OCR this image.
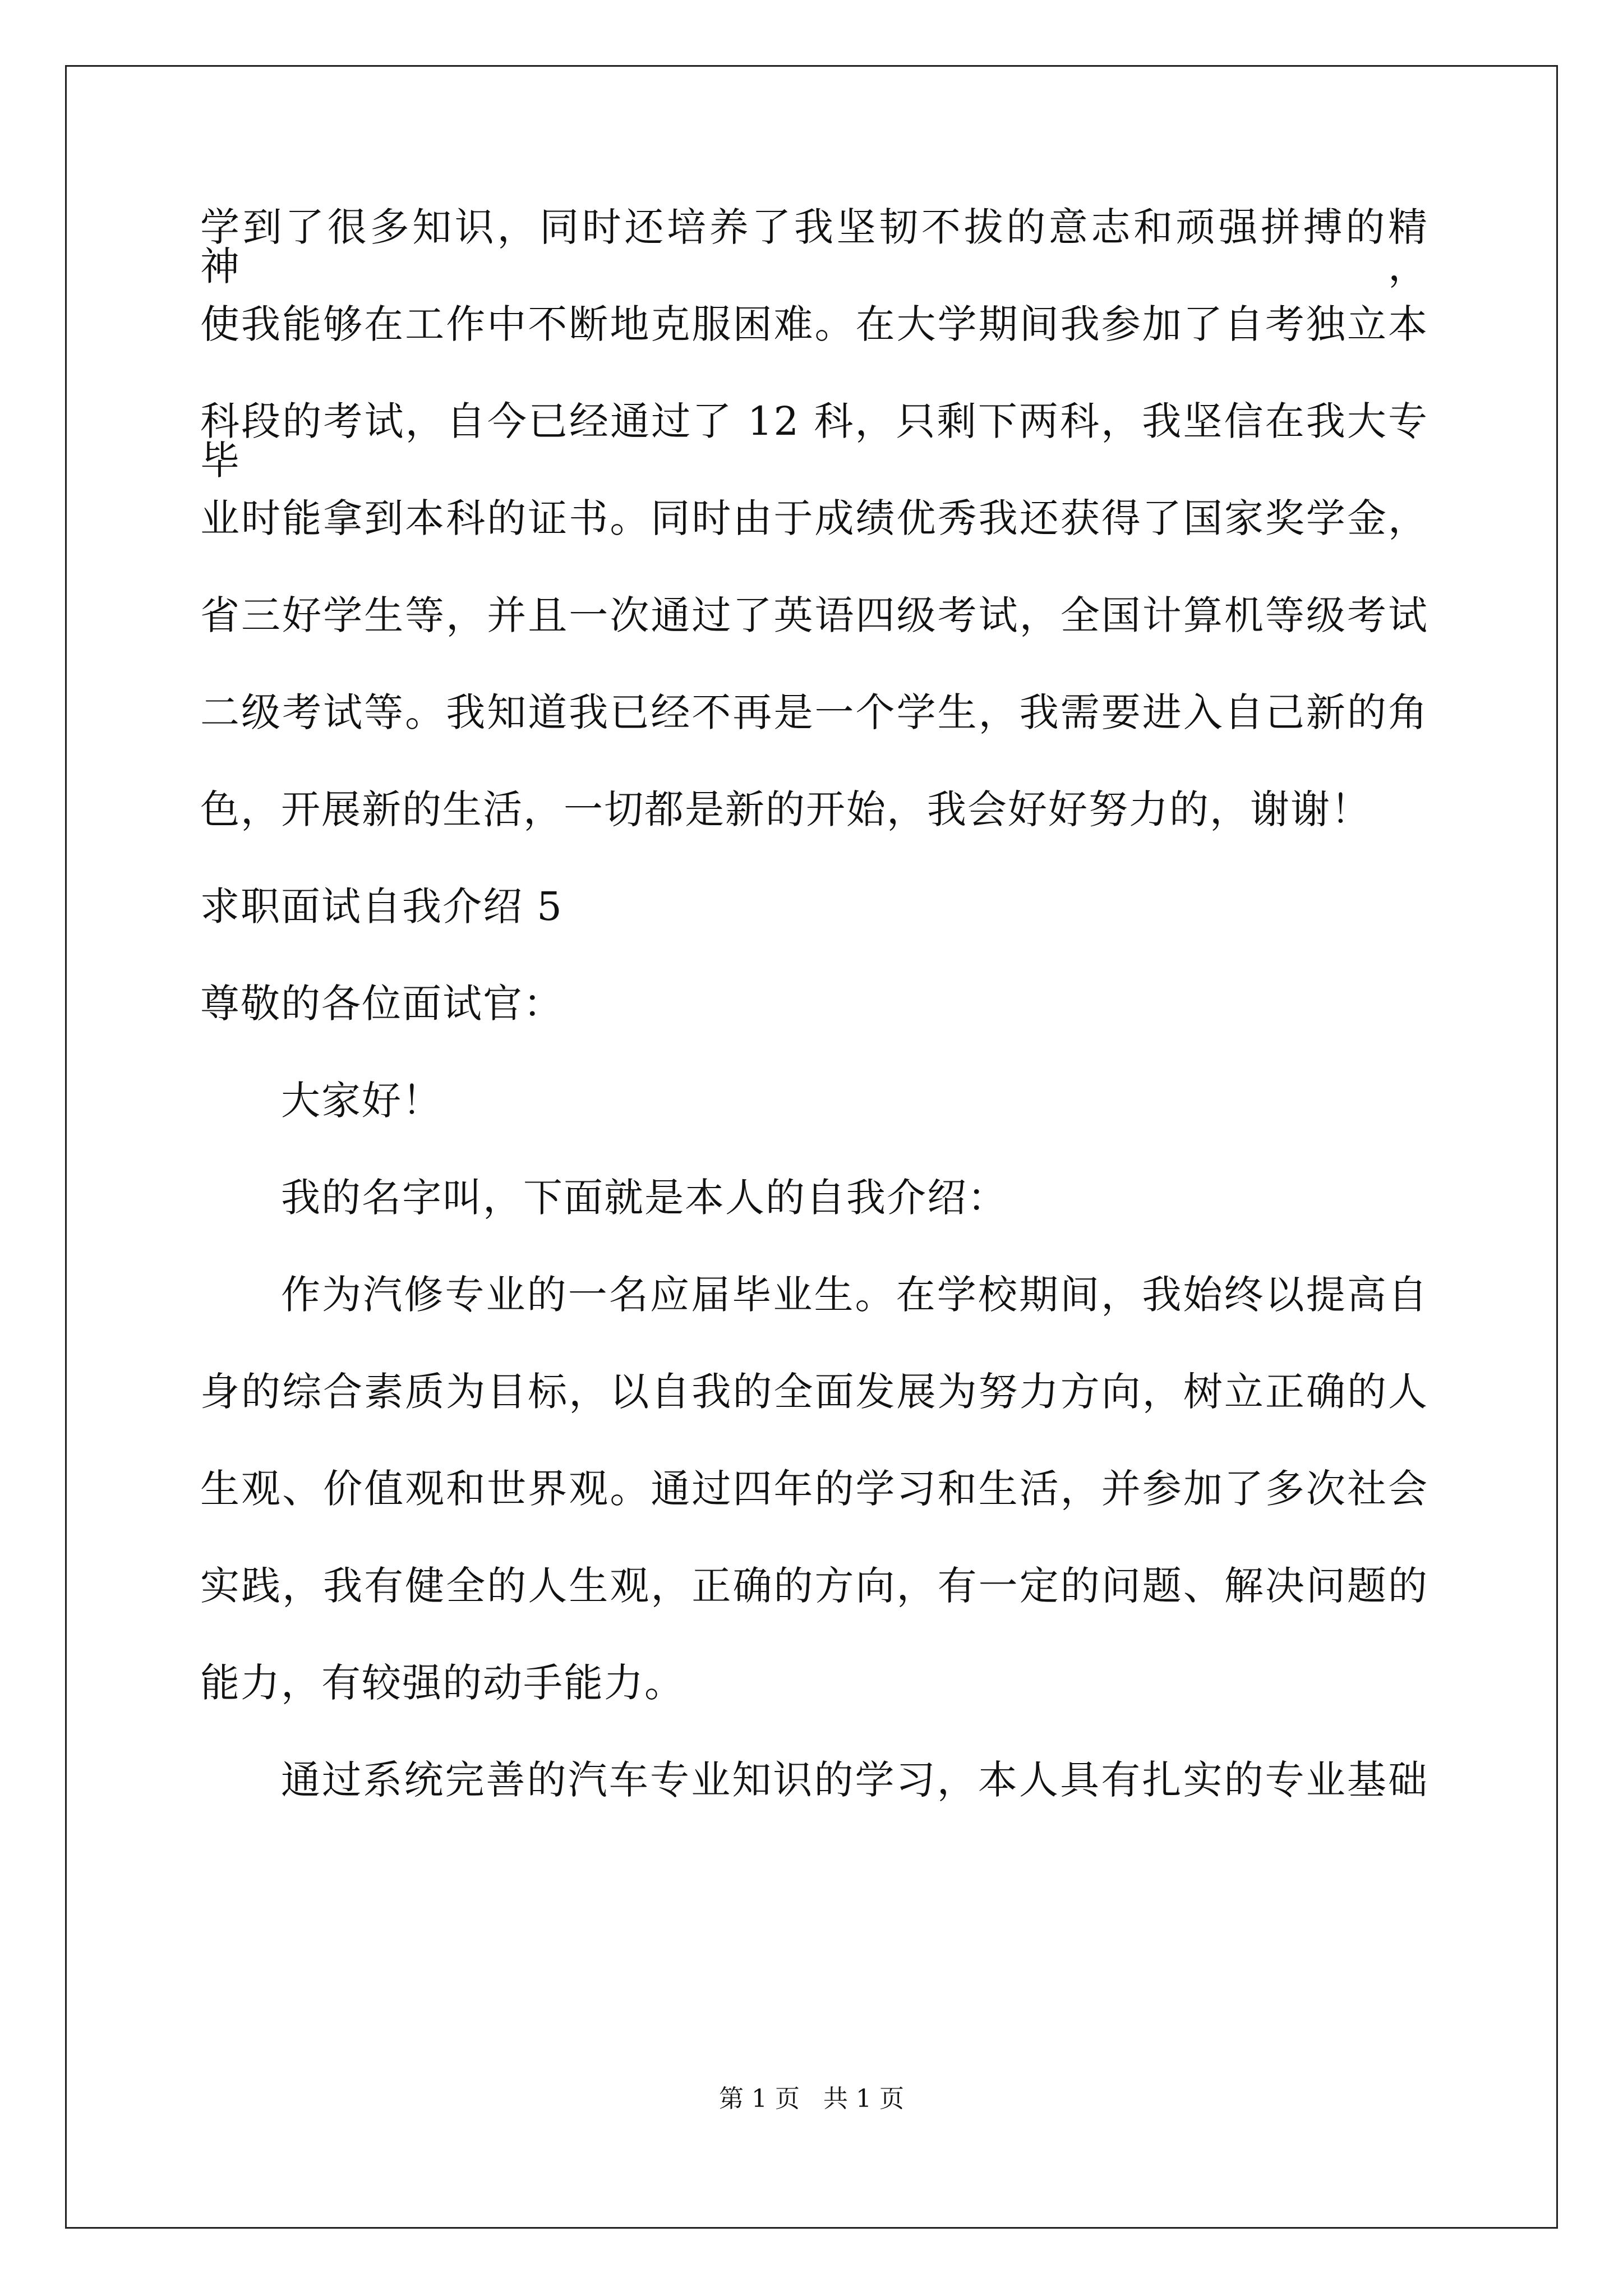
学到了很多知识，同时还培养了我坚韧不拔的意志和顽强拼搏的精神，
使我能够在工作中不断地克服困难。在大学期间我参加了自考独立本
科段的考试，自今已经通过了 12 科，只剩下两科，我坚信在我大专毕
业时能拿到本科的证书。同时由于成绩优秀我还获得了国家奖学金，
省三好学生等，并且一次通过了英语四级考试，全国计算机等级考试
二级考试等。我知道我已经不再是一个学生，我需要进入自己新的角
色，开展新的生活，一切都是新的开始，我会好好努力的，谢谢！
求职面试自我介绍 5
尊敬的各位面试官：
大家好！
我的名字叫，下面就是本人的自我介绍：
作为汽修专业的一名应届毕业生。在学校期间，我始终以提高自
身的综合素质为目标，以自我的全面发展为努力方向，树立正确的人
生观、价值观和世界观。通过四年的学习和生活，并参加了多次社会
实践，我有健全的人生观，正确的方向，有一定的问题、解决问题的
能力，有较强的动手能力。
通过系统完善的汽车专业知识的学习，本人具有扎实的专业基础
第 1 页   共 1 页
